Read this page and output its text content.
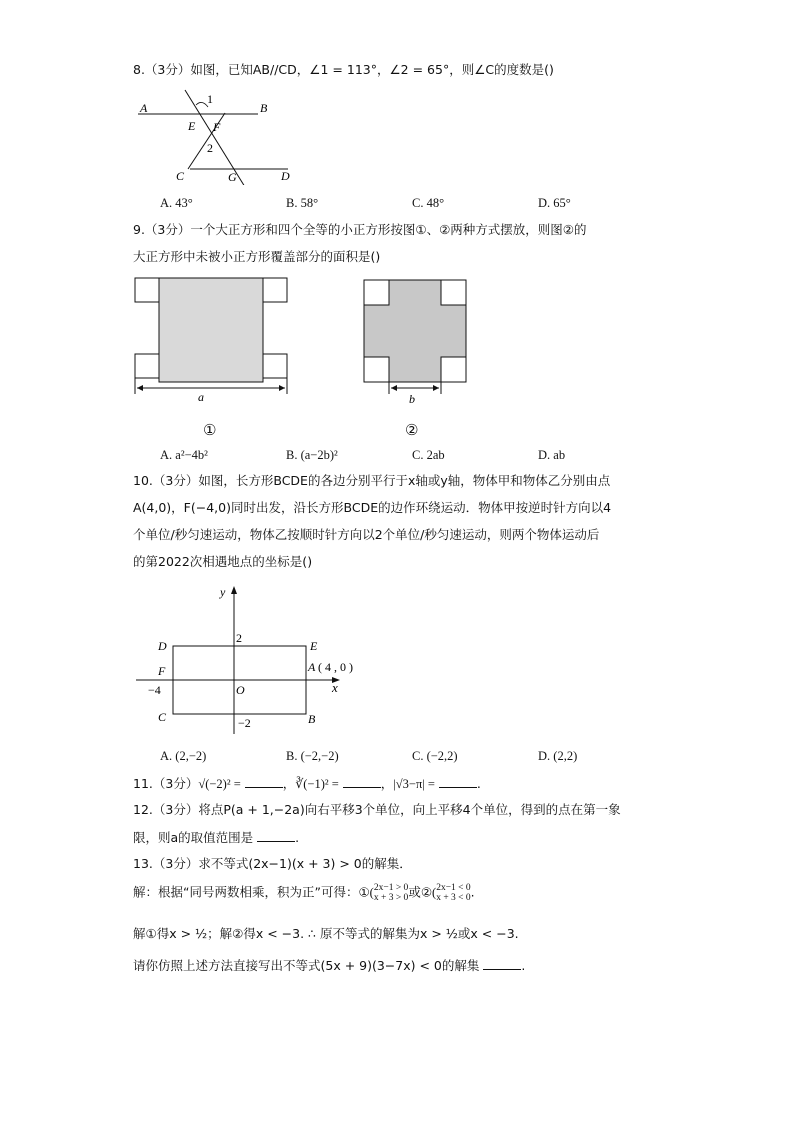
8.（3分）如图，已知AB//CD，∠1 = 113°，∠2 = 65°，则∠C的度数是()
A	B
1
E F
2
C	G	D
A. 43°	B. 58°	C. 48°	D. 65°
9.（3分）一个大正方形和四个全等的小正方形按图①、②两种方式摆放，则图②的
大正方形中未被小正方形覆盖部分的面积是()
a	b
①	②
A. a²−4b²	B. (a−2b)²	C. 2ab	D. ab
10.（3分）如图，长方形BCDE的各边分别平行于x轴或y轴，物体甲和物体乙分别由点
A(4,0)，F(−4,0)同时出发，沿长方形BCDE的边作环绕运动．物体甲按逆时针方向以4
个单位/秒匀速运动，物体乙按顺时针方向以2个单位/秒匀速运动，则两个物体运动后
的第2022次相遇地点的坐标是()
y
x
D	E
2
F	A ( 4 , 0 )
−4	O
C	−2	B
A. (2,−2)	B. (−2,−2)	C. (−2,2)	D. (2,2)
11.（3分）√(−2)² =	，∛(−1)² =	，|√3−π| =	.
12.（3分）将点P(a + 1,−2a)向右平移3个单位，向上平移4个单位，得到的点在第一象
限，则a的取值范围是	.
13.（3分）求不等式(2x−1)(x + 3) > 0的解集．
解：根据“同号两数相乘，积为正”可得：①(2x−1 > 0
x + 3 > 0或②(2x−1 < 0
x + 3 < 0.
解①得x > ½；解②得x < −3. ∴ 原不等式的解集为x > ½或x < −3.
请你仿照上述方法直接写出不等式(5x + 9)(3−7x) < 0的解集	.
